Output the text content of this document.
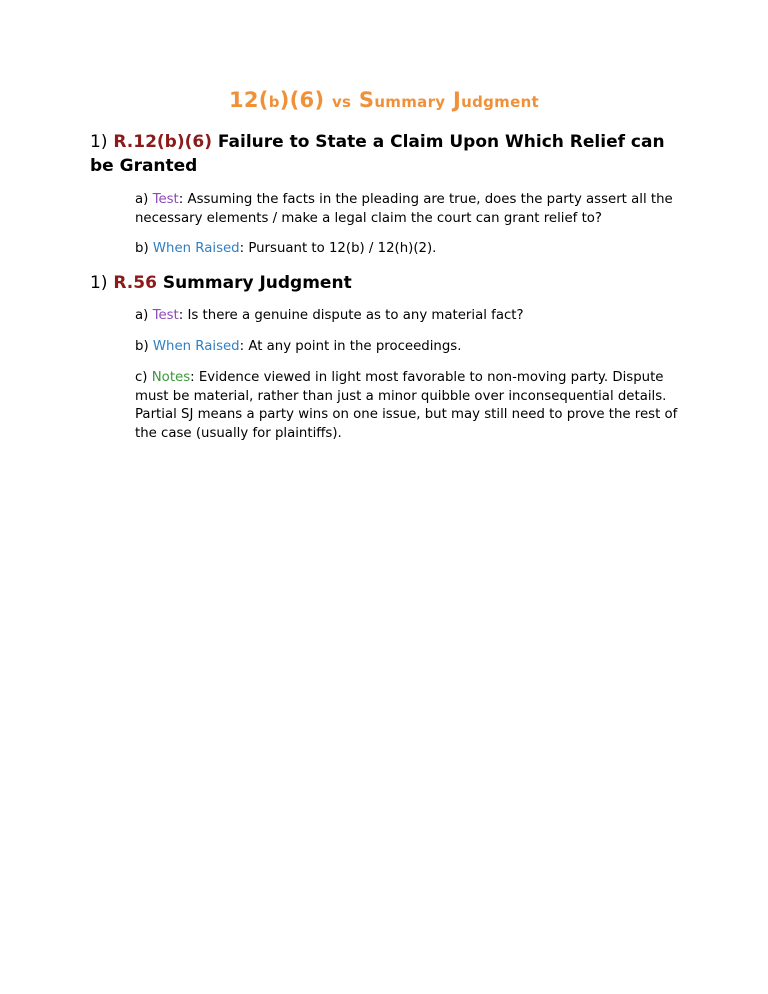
12(b)(6) vs Summary Judgment
1) R.12(b)(6) Failure to State a Claim Upon Which Relief can be Granted
a) Test: Assuming the facts in the pleading are true, does the party assert all the necessary elements / make a legal claim the court can grant relief to?
b) When Raised: Pursuant to 12(b) / 12(h)(2).
1) R.56 Summary Judgment
a) Test: Is there a genuine dispute as to any material fact?
b) When Raised: At any point in the proceedings.
c) Notes: Evidence viewed in light most favorable to non-moving party. Dispute must be material, rather than just a minor quibble over inconsequential details. Partial SJ means a party wins on one issue, but may still need to prove the rest of the case (usually for plaintiffs).
